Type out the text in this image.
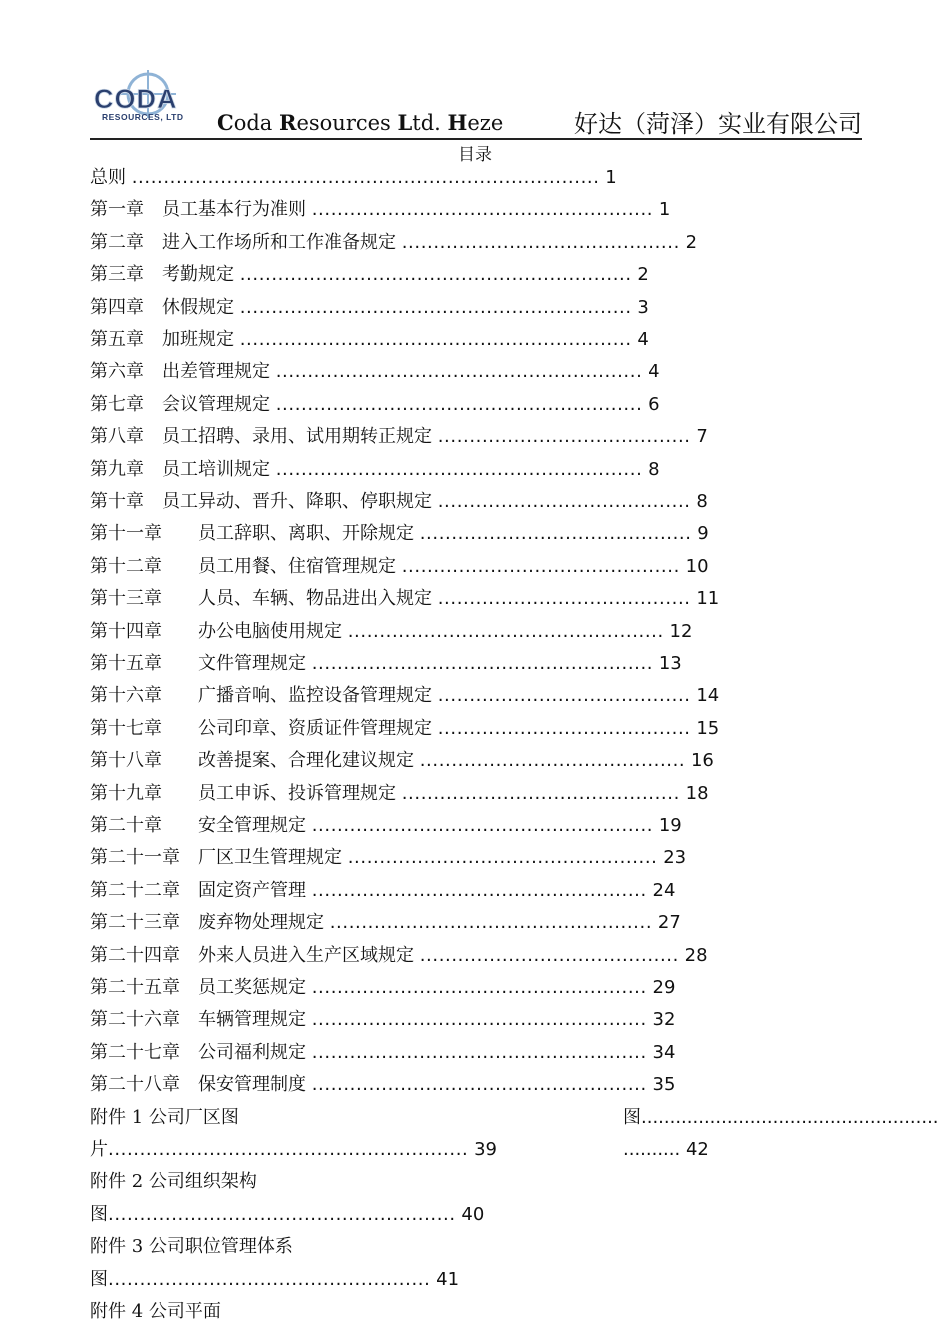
CODA
RESOURCES, LTD Coda Resources Ltd. Heze	好达（菏泽）实业有限公司
目录
总则 .......................................................................... 1
第一章　员工基本行为准则 ...................................................... 1
第二章　进入工作场所和工作准备规定 ............................................ 2
第三章　考勤规定 .............................................................. 2
第四章　休假规定 .............................................................. 3
第五章　加班规定 .............................................................. 4
第六章　出差管理规定 .......................................................... 4
第七章　会议管理规定 .......................................................... 6
第八章　员工招聘、录用、试用期转正规定 ........................................ 7
第九章　员工培训规定 .......................................................... 8
第十章　员工异动、晋升、降职、停职规定 ........................................ 8
第十一章　　员工辞职、离职、开除规定 ........................................... 9
第十二章　　员工用餐、住宿管理规定 ............................................ 10
第十三章　　人员、车辆、物品进出入规定 ........................................ 11
第十四章　　办公电脑使用规定 .................................................. 12
第十五章　　文件管理规定 ...................................................... 13
第十六章　　广播音响、监控设备管理规定 ........................................ 14
第十七章　　公司印章、资质证件管理规定 ........................................ 15
第十八章　　改善提案、合理化建议规定 .......................................... 16
第十九章　　员工申诉、投诉管理规定 ............................................ 18
第二十章　　安全管理规定 ...................................................... 19
第二十一章　厂区卫生管理规定 ................................................. 23
第二十二章　固定资产管理 ..................................................... 24
第二十三章　废弃物处理规定 ................................................... 27
第二十四章　外来人员进入生产区域规定 ......................................... 28
第二十五章　员工奖惩规定 ..................................................... 29
第二十六章　车辆管理规定 ..................................................... 32
第二十七章　公司福利规定 ..................................................... 34
第二十八章　保安管理制度 ..................................................... 35
附件 1 公司厂区图
片......................................................... 39
附件 2 公司组织架构
图....................................................... 40
附件 3 公司职位管理体系
图................................................... 41
附件 4 公司平面
图....................................................
.......... 42
